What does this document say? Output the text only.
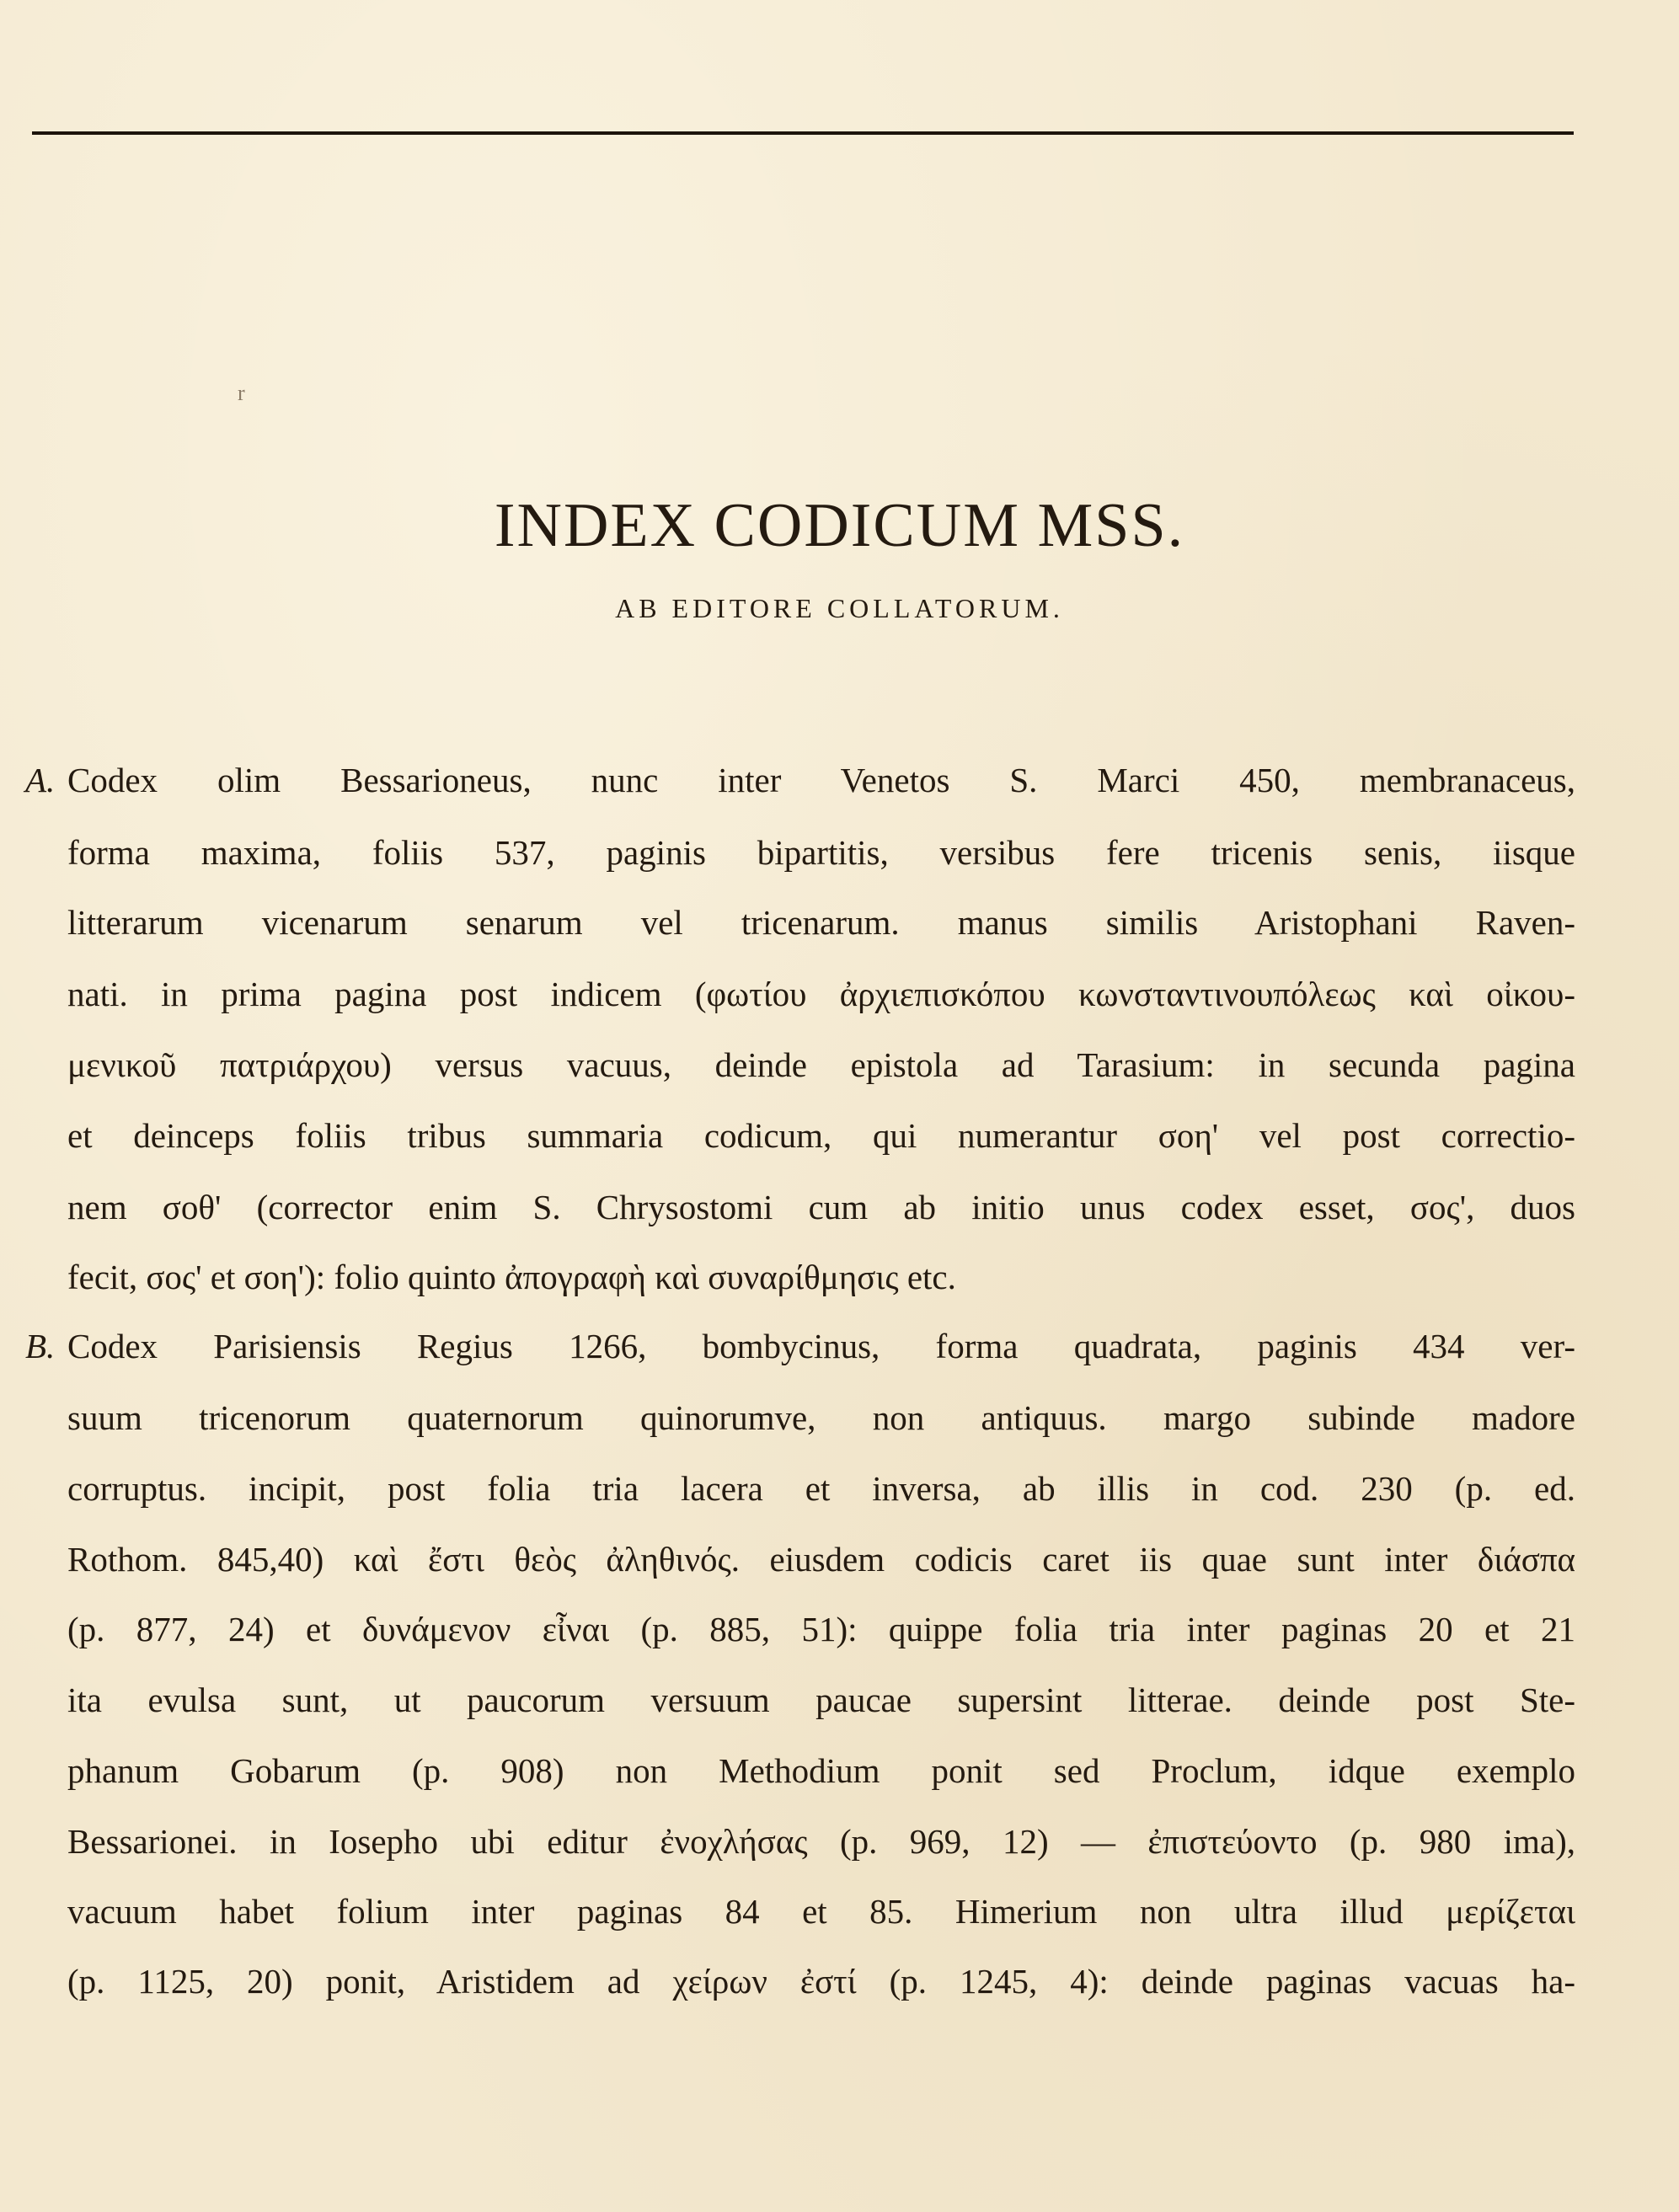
r
INDEX CODICUM MSS.
AB EDITORE COLLATORUM.
A. Codex olim Bessarioneus, nunc inter Venetos S. Marci 450, membranaceus,
forma maxima, foliis 537, paginis bipartitis, versibus fere tricenis senis, iisque
litterarum vicenarum senarum vel tricenarum. manus similis Aristophani Raven-
nati. in prima pagina post indicem (φωτίου ἀρχιεπισκόπου κωνσταντινουπόλεως καὶ οἰκου-
μενικοῦ πατριάρχου) versus vacuus, deinde epistola ad Tarasium: in secunda pagina
et deinceps foliis tribus summaria codicum, qui numerantur σοη' vel post correctio-
nem σοθ' (corrector enim S. Chrysostomi cum ab initio unus codex esset, σος', duos
fecit, σος' et σοη'): folio quinto ἀπογραφὴ καὶ συναρίθμησις etc.
B. Codex Parisiensis Regius 1266, bombycinus, forma quadrata, paginis 434 ver-
suum tricenorum quaternorum quinorumve, non antiquus. margo subinde madore
corruptus. incipit, post folia tria lacera et inversa, ab illis in cod. 230 (p. ed.
Rothom. 845,40) καὶ ἔστι θεὸς ἀληθινός. eiusdem codicis caret iis quae sunt inter διάσπα
(p. 877, 24) et δυνάμενον εἶναι (p. 885, 51): quippe folia tria inter paginas 20 et 21
ita evulsa sunt, ut paucorum versuum paucae supersint litterae. deinde post Ste-
phanum Gobarum (p. 908) non Methodium ponit sed Proclum, idque exemplo
Bessarionei. in Iosepho ubi editur ἐνοχλήσας (p. 969, 12) — ἐπιστεύοντο (p. 980 ima),
vacuum habet folium inter paginas 84 et 85. Himerium non ultra illud μερίζεται
(p. 1125, 20) ponit, Aristidem ad χείρων ἐστί (p. 1245, 4): deinde paginas vacuas ha-
